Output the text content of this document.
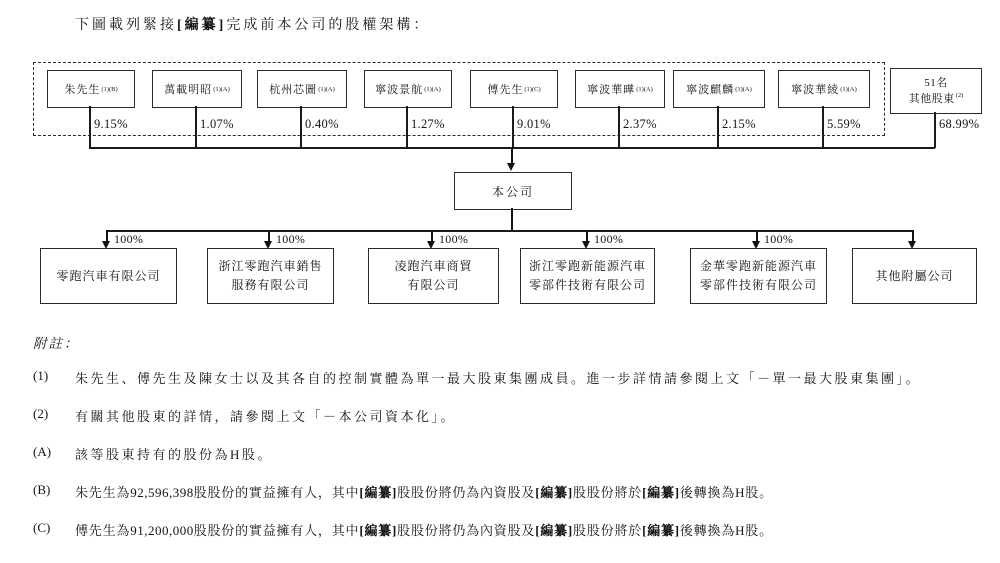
下圖載列緊接[編纂]完成前本公司的股權架構：
朱先生 (1)(B)	萬載明昭 (1)(A)	杭州芯圖 (1)(A)	寧波景航 (1)(A)	傅先生 (1)(C)	寧波華曄 (1)(A)	寧波麒麟 (1)(A)	寧波華綾 (1)(A)
51名
其他股東$^{(2)}$
9.15%	1.07%	0.40%	1.27%	9.01%	2.37%	2.15%	5.59%	68.99%
本公司
100%	100%	100%	100%	100%
零跑汽車有限公司
浙江零跑汽車銷售
服務有限公司
凌跑汽車商貿
有限公司
浙江零跑新能源汽車
零部件技術有限公司
金華零跑新能源汽車
零部件技術有限公司
其他附屬公司
附註：
(1) 朱先生、傅先生及陳女士以及其各自的控制實體為單一最大股東集團成員。進一步詳情請參閱上文「－單一最大股東集團」。
(2) 有關其他股東的詳情，請參閱上文「－本公司資本化」。
(A) 該等股東持有的股份為H股。
(B) 朱先生為92,596,398股股份的實益擁有人，其中[編纂]股股份將仍為內資股及[編纂]股股份將於[編纂]後轉換為H股。
(C) 傅先生為91,200,000股股份的實益擁有人，其中[編纂]股股份將仍為內資股及[編纂]股股份將於[編纂]後轉換為H股。
